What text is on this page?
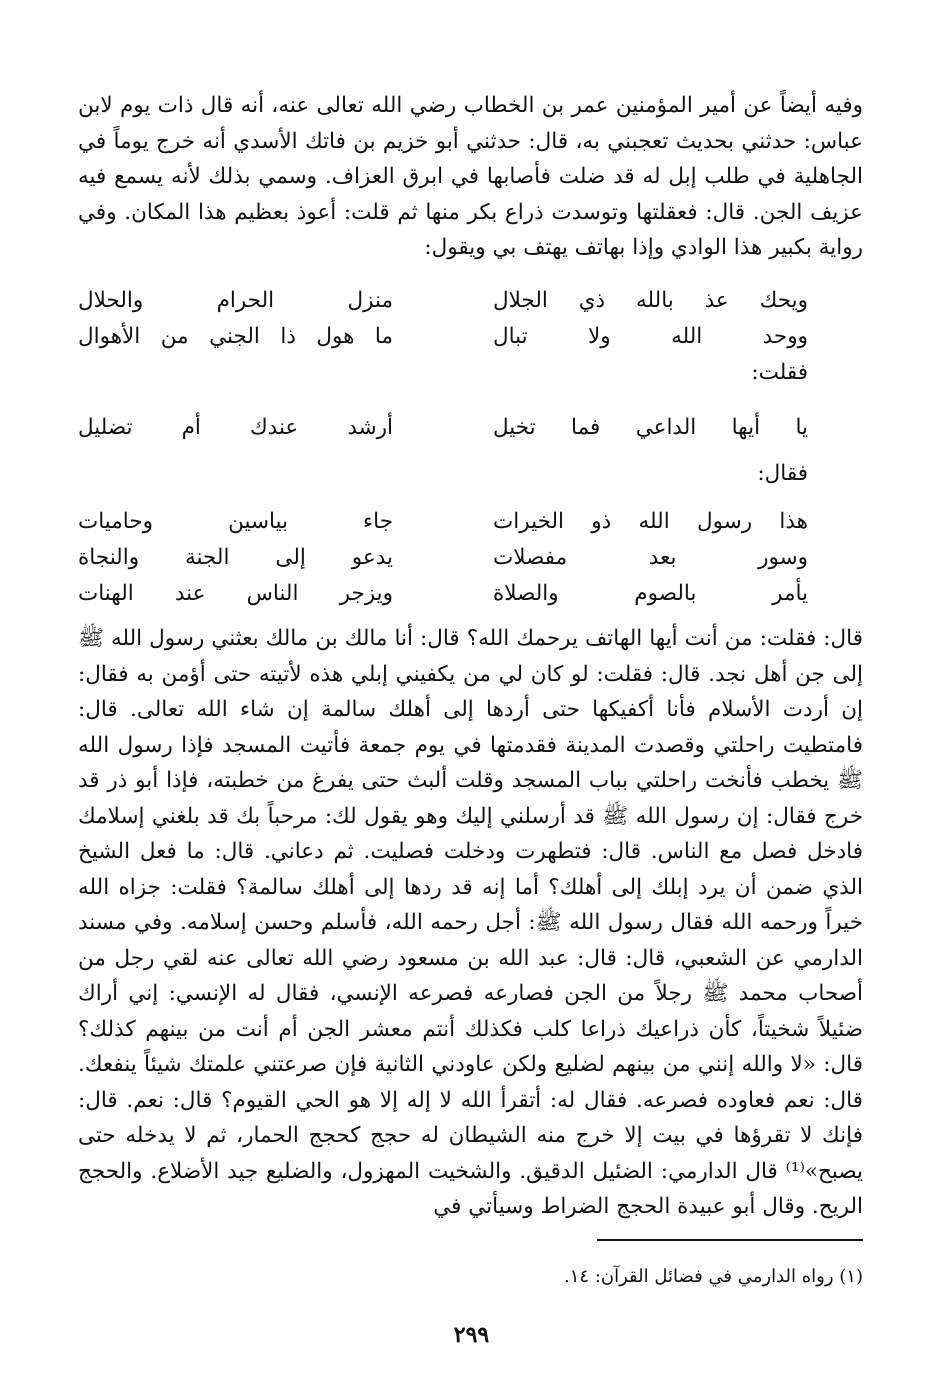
وفيه أيضاً عن أمير المؤمنين عمر بن الخطاب رضي الله تعالى عنه، أنه قال ذات يوم لابن عباس: حدثني بحديث تعجبني به، قال: حدثني أبو خزيم بن فاتك الأسدي أنه خرج يوماً في الجاهلية في طلب إبل له قد ضلت فأصابها في ابرق العزاف. وسمي بذلك لأنه يسمع فيه عزيف الجن. قال: فعقلتها وتوسدت ذراع بكر منها ثم قلت: أعوذ بعظيم هذا المكان. وفي رواية بكبير هذا الوادي وإذا بهاتف يهتف بي ويقول:

ويحك عذ بالله ذي الجلال
منزل الحرام والحلال
ووحد الله ولا تبال
ما هول ذا الجني من الأهوال
فقلت:
يا أيها الداعي فما تخيل
أرشد عندك أم تضليل
فقال:
هذا رسول الله ذو الخيرات
جاء بياسين وحاميات
وسور بعد مفصلات
يدعو إلى الجنة والنجاة
يأمر بالصوم والصلاة
ويزجر الناس عند الهنات

قال: فقلت: من أنت أيها الهاتف يرحمك الله؟ قال: أنا مالك بن مالك بعثني رسول الله ﷺ إلى جن أهل نجد. قال: فقلت: لو كان لي من يكفيني إبلي هذه لأتيته حتى أؤمن به فقال: إن أردت الأسلام فأنا أكفيكها حتى أردها إلى أهلك سالمة إن شاء الله تعالى. قال: فامتطيت راحلتي وقصدت المدينة فقدمتها في يوم جمعة فأتيت المسجد فإذا رسول الله ﷺ يخطب فأنخت راحلتي بباب المسجد وقلت ألبث حتى يفرغ من خطبته، فإذا أبو ذر قد خرج فقال: إن رسول الله ﷺ قد أرسلني إليك وهو يقول لك: مرحباً بك قد بلغني إسلامك فادخل فصل مع الناس. قال: فتطهرت ودخلت فصليت. ثم دعاني. قال: ما فعل الشيخ الذي ضمن أن يرد إبلك إلى أهلك؟ أما إنه قد ردها إلى أهلك سالمة؟ فقلت: جزاه الله خيراً ورحمه الله فقال رسول الله ﷺ: أجل رحمه الله، فأسلم وحسن إسلامه. وفي مسند الدارمي عن الشعبي، قال: قال: عبد الله بن مسعود رضي الله تعالى عنه لقي رجل من أصحاب محمد ﷺ رجلاً من الجن فصارعه فصرعه الإنسي، فقال له الإنسي: إني أراك ضئيلاً شخيتاً، كأن ذراعيك ذراعا كلب فكذلك أنتم معشر الجن أم أنت من بينهم كذلك؟ قال: «لا والله إنني من بينهم لضليع ولكن عاودني الثانية فإن صرعتني علمتك شيئاً ينفعك. قال: نعم فعاوده فصرعه. فقال له: أتقرأ الله لا إله إلا هو الحي القيوم؟ قال: نعم. قال: فإنك لا تقرؤها في بيت إلا خرج منه الشيطان له حجج كحجج الحمار، ثم لا يدخله حتى يصبح»⁽¹⁾ قال الدارمي: الضئيل الدقيق. والشخيت المهزول، والضليع جيد الأضلاع. والحجج الريح. وقال أبو عبيدة الحجج الضراط وسيأتي في

(١) رواه الدارمي في فضائل القرآن: ١٤.
٢٩٩
